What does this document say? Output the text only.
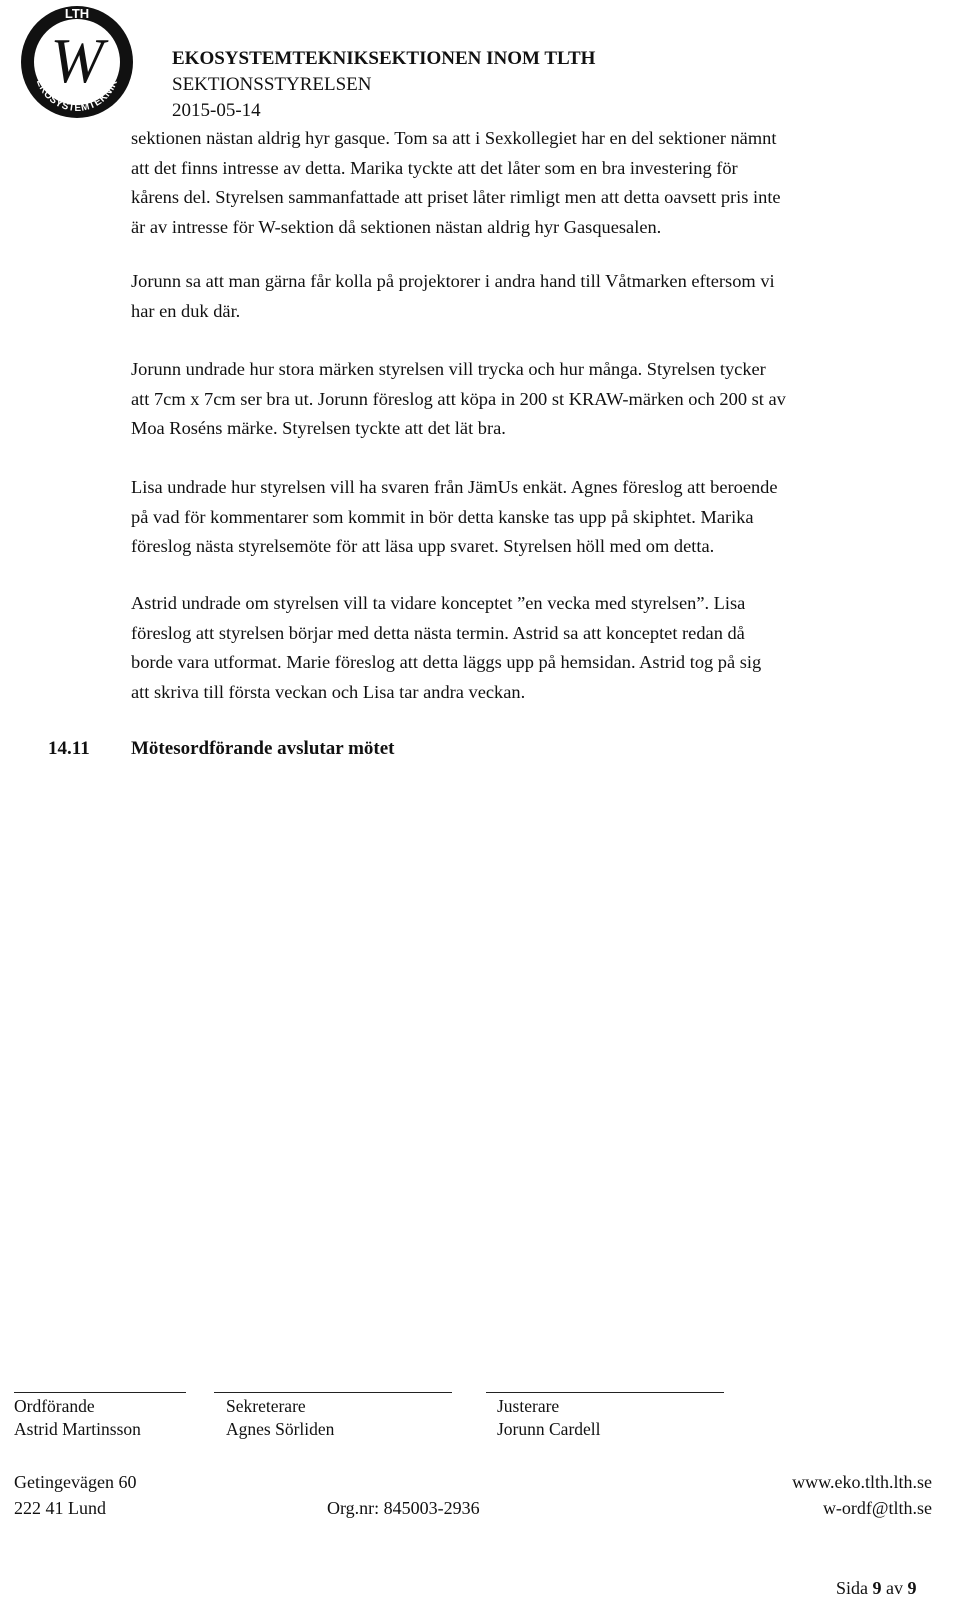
LTH
W
EKOSYSTEMTEKNIK
EKOSYSTEMTEKNIKSEKTIONEN INOM TLTH
SEKTIONSSTYRELSEN
2015-05-14
sektionen nästan aldrig hyr gasque. Tom sa att i Sexkollegiet har en del sektioner nämnt
att det finns intresse av detta. Marika tyckte att det låter som en bra investering för
kårens del. Styrelsen sammanfattade att priset låter rimligt men att detta oavsett pris inte
är av intresse för W-sektion då sektionen nästan aldrig hyr Gasquesalen.
Jorunn sa att man gärna får kolla på projektorer i andra hand till Våtmarken eftersom vi
har en duk där.
Jorunn undrade hur stora märken styrelsen vill trycka och hur många. Styrelsen tycker
att 7cm x 7cm ser bra ut. Jorunn föreslog att köpa in 200 st KRAW-märken och 200 st av
Moa Roséns märke. Styrelsen tyckte att det lät bra.
Lisa undrade hur styrelsen vill ha svaren från JämUs enkät. Agnes föreslog att beroende
på vad för kommentarer som kommit in bör detta kanske tas upp på skiphtet. Marika
föreslog nästa styrelsemöte för att läsa upp svaret. Styrelsen höll med om detta.
Astrid undrade om styrelsen vill ta vidare konceptet ”en vecka med styrelsen”. Lisa
föreslog att styrelsen börjar med detta nästa termin. Astrid sa att konceptet redan då
borde vara utformat. Marie föreslog att detta läggs upp på hemsidan. Astrid tog på sig
att skriva till första veckan och Lisa tar andra veckan.
14.11 Mötesordförande avslutar mötet
Ordförande
Astrid Martinsson
Sekreterare
Agnes Sörliden
Justerare
Jorunn Cardell
Getingevägen 60
222 41 Lund	Org.nr: 845003-2936
www.eko.tlth.lth.se
w-ordf@tlth.se
Sida 9 av 9
